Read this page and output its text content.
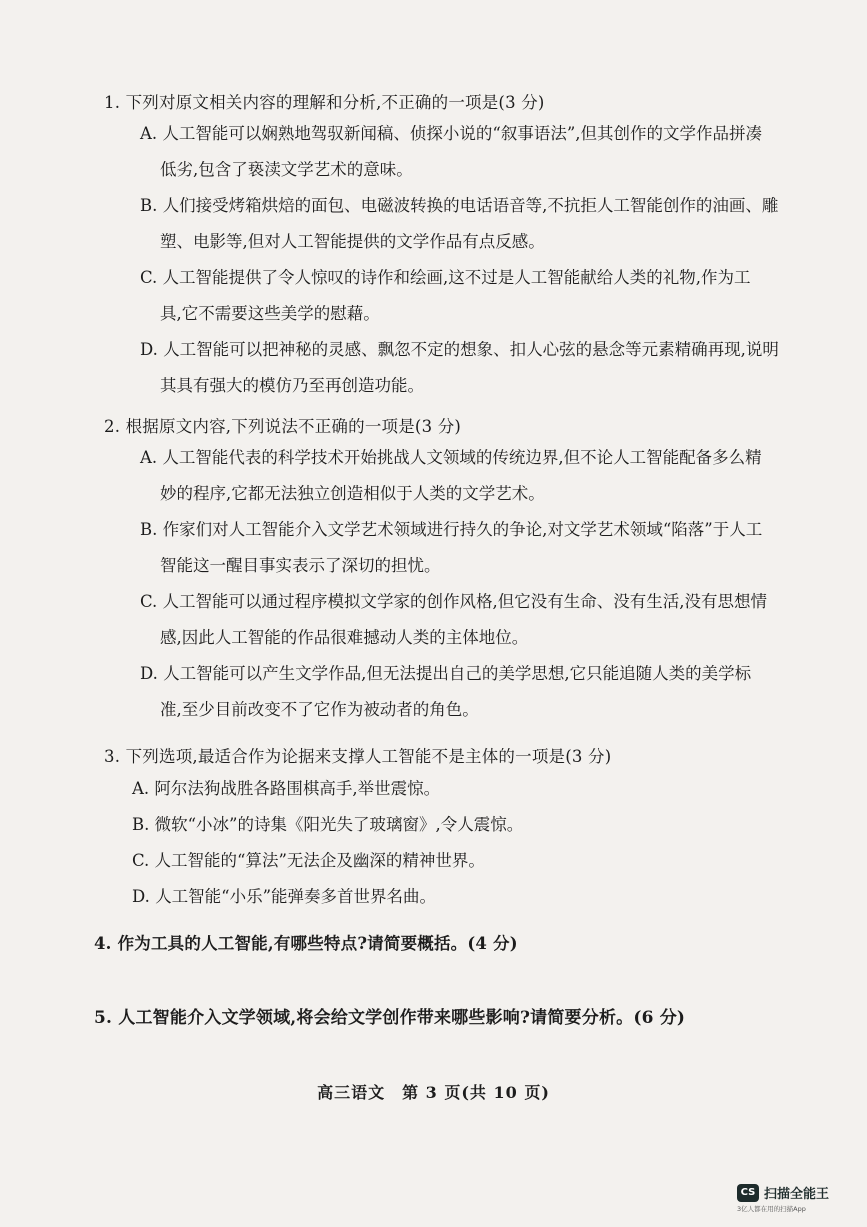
1. 下列对原文相关内容的理解和分析,不正确的一项是(3 分)

A. 人工智能可以娴熟地驾驭新闻稿、侦探小说的“叙事语法”,但其创作的文学作品拼凑

低劣,包含了亵渎文学艺术的意味。

B. 人们接受烤箱烘焙的面包、电磁波转换的电话语音等,不抗拒人工智能创作的油画、雕

塑、电影等,但对人工智能提供的文学作品有点反感。

C. 人工智能提供了令人惊叹的诗作和绘画,这不过是人工智能献给人类的礼物,作为工

具,它不需要这些美学的慰藉。

D. 人工智能可以把神秘的灵感、飘忽不定的想象、扣人心弦的悬念等元素精确再现,说明

其具有强大的模仿乃至再创造功能。

2. 根据原文内容,下列说法不正确的一项是(3 分)

A. 人工智能代表的科学技术开始挑战人文领域的传统边界,但不论人工智能配备多么精

妙的程序,它都无法独立创造相似于人类的文学艺术。

B. 作家们对人工智能介入文学艺术领域进行持久的争论,对文学艺术领域“陷落”于人工

智能这一醒目事实表示了深切的担忧。

C. 人工智能可以通过程序模拟文学家的创作风格,但它没有生命、没有生活,没有思想情

感,因此人工智能的作品很难撼动人类的主体地位。

D. 人工智能可以产生文学作品,但无法提出自己的美学思想,它只能追随人类的美学标

准,至少目前改变不了它作为被动者的角色。

3. 下列选项,最适合作为论据来支撑人工智能不是主体的一项是(3 分)

A. 阿尔法狗战胜各路围棋高手,举世震惊。

B. 微软“小冰”的诗集《阳光失了玻璃窗》,令人震惊。

C. 人工智能的“算法”无法企及幽深的精神世界。

D. 人工智能“小乐”能弹奏多首世界名曲。

4. 作为工具的人工智能,有哪些特点?请简要概括。(4 分)
5. 人工智能介入文学领域,将会给文学创作带来哪些影响?请简要分析。(6 分)
高三语文　第 3 页(共 10 页)
CS 扫描全能王
3亿人都在用的扫描App
